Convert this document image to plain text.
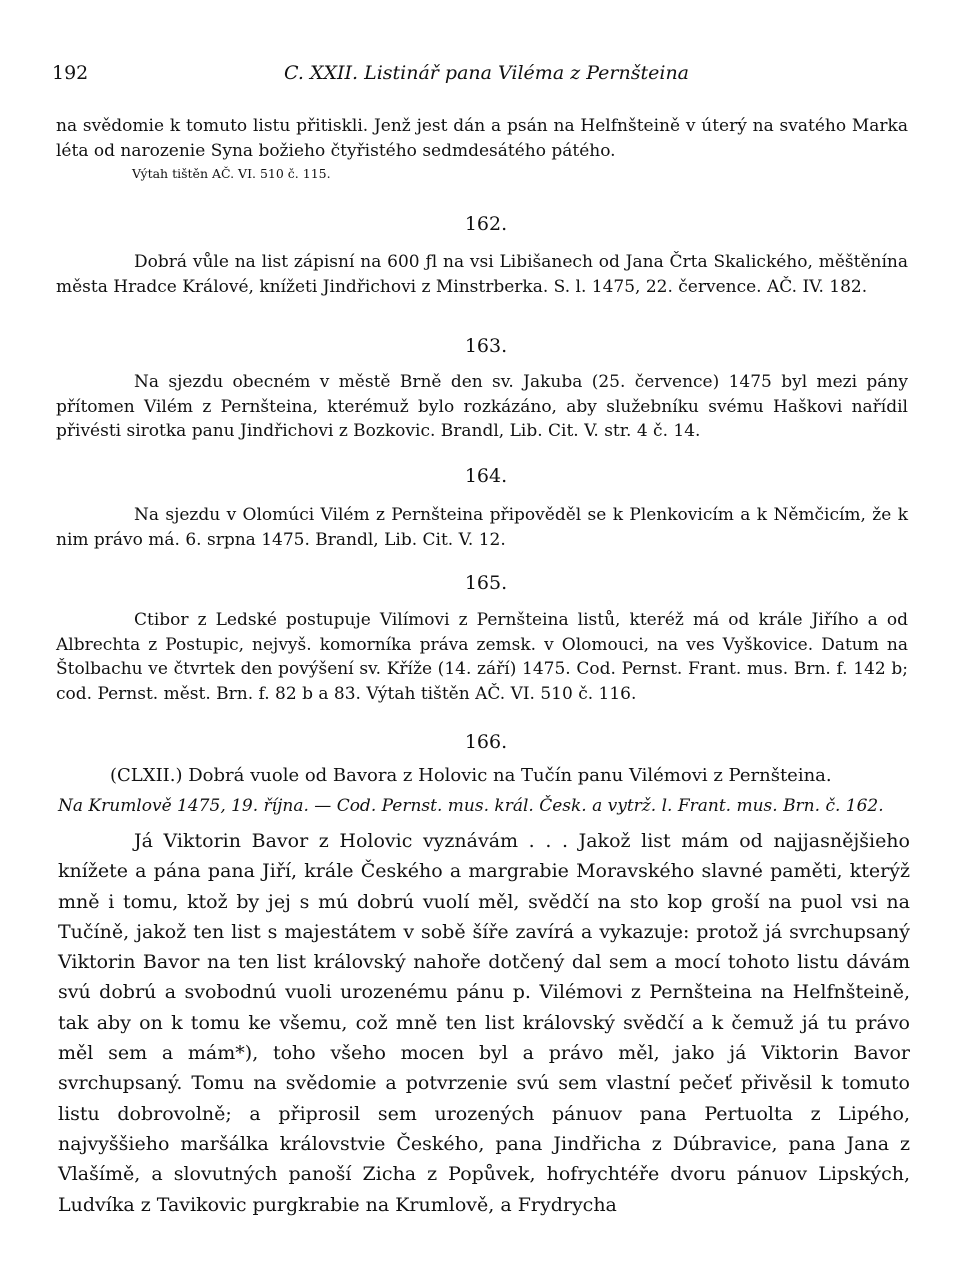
192	C. XXII. Listinář pana Viléma z Pernšteina

na svědomie k tomuto listu přitiskli. Jenž jest dán a psán na Helfnšteině v úterý na svatého Marka léta od narozenie Syna božieho čtyřistého sedmdesátého pátého.

Výtah tištěn AČ. VI. 510 č. 115.

162.

Dobrá vůle na list zápisní na 600 ƒl na vsi Libišanech od Jana Črta Skalického, měštěnína města Hradce Králové, knížeti Jindřichovi z Minstrberka. S. l. 1475, 22. července. AČ. IV. 182.

163.

Na sjezdu obecném v městě Brně den sv. Jakuba (25. července) 1475 byl mezi pány přítomen Vilém z Pernšteina, kterémuž bylo rozkázáno, aby služebníku svému Haškovi nařídil přivésti sirotka panu Jindřichovi z Bozkovic. Brandl, Lib. Cit. V. str. 4 č. 14.

164.

Na sjezdu v Olomúci Vilém z Pernšteina připověděl se k Plenkovicím a k Němčicím, že k nim právo má. 6. srpna 1475. Brandl, Lib. Cit. V. 12.

165.

Ctibor z Ledské postupuje Vilímovi z Pernšteina listů, kteréž má od krále Jiřího a od Albrechta z Postupic, nejvyš. komorníka práva zemsk. v Olomouci, na ves Vyškovice. Datum na Štolbachu ve čtvrtek den povýšení sv. Kříže (14. září) 1475. Cod. Pernst. Frant. mus. Brn. f. 142 b; cod. Pernst. měst. Brn. f. 82 b a 83. Výtah tištěn AČ. VI. 510 č. 116.

166.

(CLXII.) Dobrá vuole od Bavora z Holovic na Tučín panu Vilémovi z Pernšteina.

Na Krumlově 1475, 19. října. — Cod. Pernst. mus. král. Česk. a vytrž. l. Frant. mus. Brn. č. 162.

Já Viktorin Bavor z Holovic vyznávám . . . Jakož list mám od najjasnějšieho knížete a pána pana Jiří, krále Českého a margrabie Moravského slavné paměti, kterýž mně i tomu, ktož by jej s mú dobrú vuolí měl, svědčí na sto kop groší na puol vsi na Tučíně, jakož ten list s majestátem v sobě šíře zavírá a vykazuje: protož já svrchupsaný Viktorin Bavor na ten list královský nahoře dotčený dal sem a mocí tohoto listu dávám svú dobrú a svobodnú vuoli urozenému pánu p. Vilémovi z Pernšteina na Helfnšteině, tak aby on k tomu ke všemu, což mně ten list královský svědčí a k čemuž já tu právo měl sem a mám*), toho všeho mocen byl a právo měl, jako já Viktorin Bavor svrchupsaný. Tomu na svědomie a potvrzenie svú sem vlastní pečeť přivěsil k tomuto listu dobrovolně; a připrosil sem urozených pánuov pana Pertuolta z Lipého, najvyššieho maršálka královstvie Českého, pana Jindřicha z Dúbravice, pana Jana z Vlašímě, a slovutných panoší Zicha z Popůvek, hofrychtéře dvoru pánuov Lipských, Ludvíka z Tavikovic purgkrabie na Krumlově, a Frydrycha
